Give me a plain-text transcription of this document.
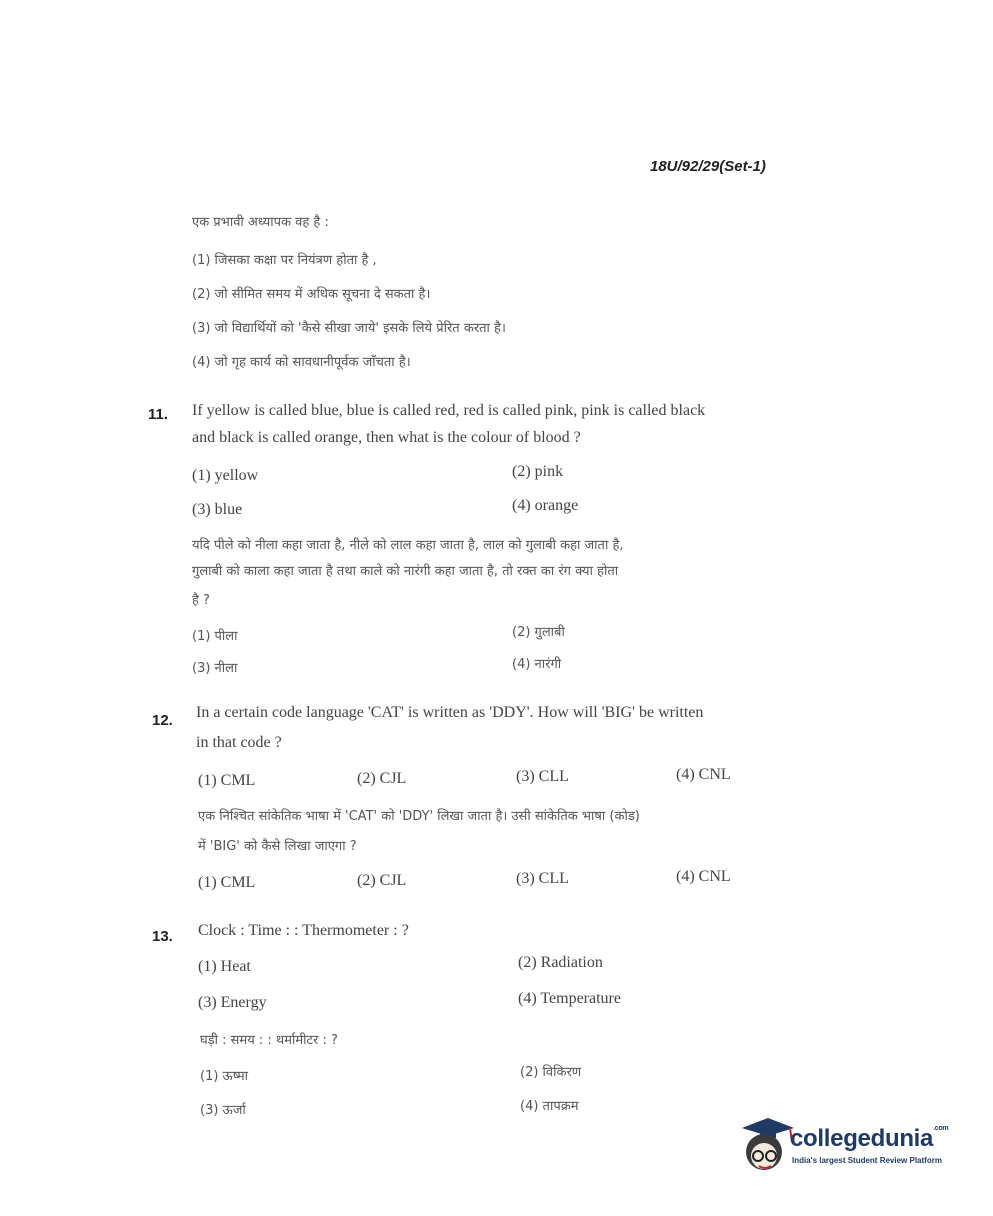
18U/92/29(Set-1)
एक प्रभावी अध्यापक वह है :
(1) जिसका कक्षा पर नियंत्रण होता है ,
(2) जो सीमित समय में अधिक सूचना दे सकता है।
(3) जो विद्यार्थियों को 'कैसे सीखा जाये' इसके लिये प्रेरित करता है।
(4) जो गृह कार्य को सावधानीपूर्वक जाँचता है।
11. If yellow is called blue, blue is called red, red is called pink, pink is called black
and black is called orange, then what is the colour of blood ?
(1) yellow	(2) pink
(3) blue	(4) orange
यदि पीले को नीला कहा जाता है, नीले को लाल कहा जाता है, लाल को गुलाबी कहा जाता है,
गुलाबी को काला कहा जाता है तथा काले को नारंगी कहा जाता है, तो रक्त का रंग क्या होता
है ?
(1) पीला	(2) गुलाबी
(3) नीला	(4) नारंगी
12. In a certain code language 'CAT' is written as 'DDY'. How will 'BIG' be written
in that code ?
(1) CML	(2) CJL	(3) CLL	(4) CNL
एक निश्चित सांकेतिक भाषा में 'CAT' को 'DDY' लिखा जाता है। उसी सांकेतिक भाषा (कोड)
में 'BIG' को कैसे लिखा जाएगा ?
(1) CML	(2) CJL	(3) CLL	(4) CNL
13. Clock : Time : : Thermometer : ?
(1) Heat	(2) Radiation
(3) Energy	(4) Temperature
घड़ी : समय : : थर्मामीटर : ?
(1) ऊष्मा	(2) विकिरण
(3) ऊर्जा	(4) तापक्रम
collegedunia$^{.com}$
India's largest Student Review Platform
